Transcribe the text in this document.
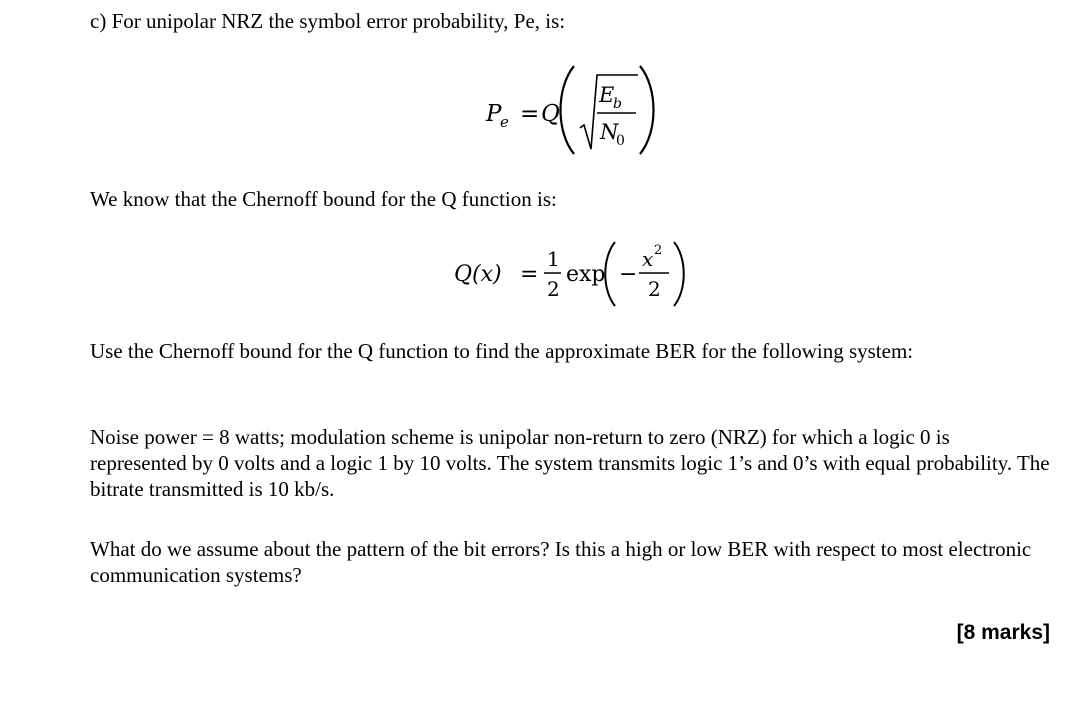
c) For unipolar NRZ the symbol error probability, Pe, is:

P
e = Q
E
b
N
0

We know that the Chernoff bound for the Q function is:

Q(x) =
1
2
exp −
x 2
2

Use the Chernoff bound for the Q function to find the approximate BER for the following system:

Noise power = 8 watts; modulation scheme is unipolar non-return to zero (NRZ) for which a logic 0 is represented by 0 volts and a logic 1 by 10 volts. The system transmits logic 1’s and 0’s with equal probability. The bitrate transmitted is 10 kb/s.

What do we assume about the pattern of the bit errors? Is this a high or low BER with respect to most electronic communication systems?

[8 marks]
